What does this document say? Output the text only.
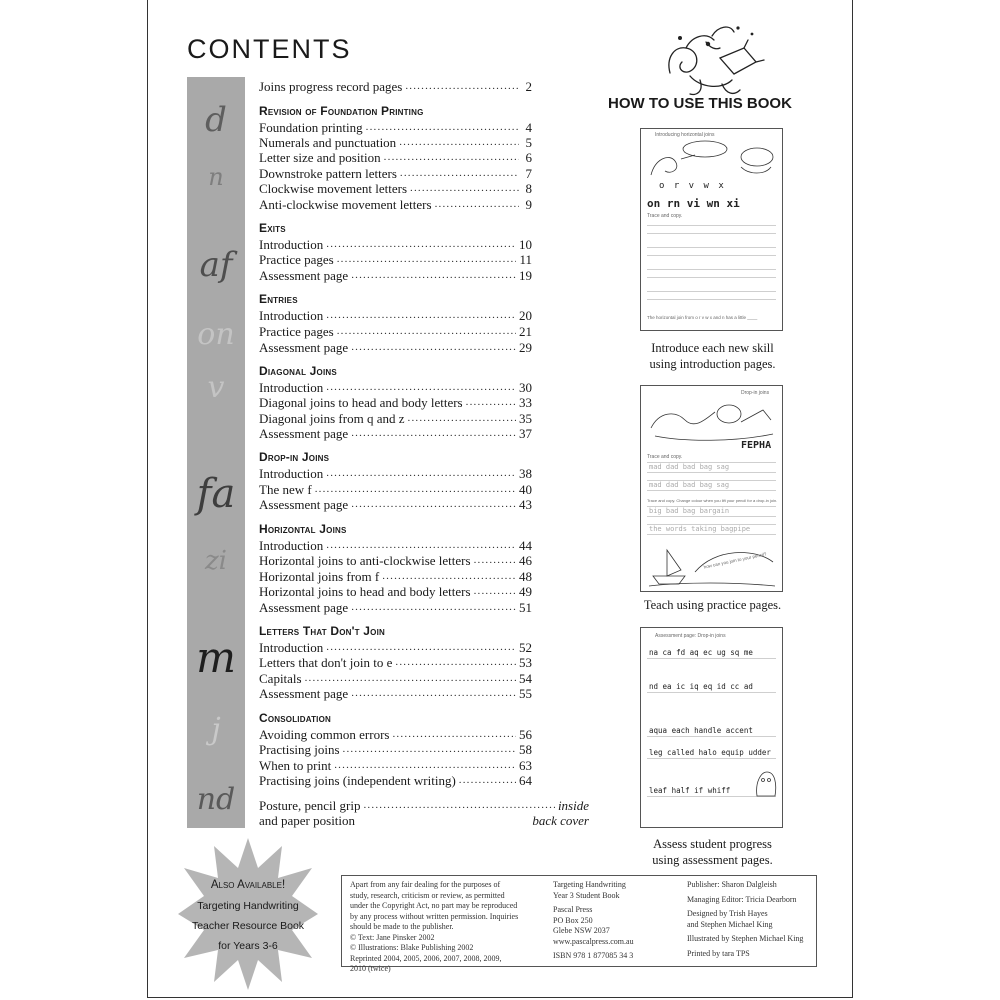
CONTENTS
d
n
af
on
v
fa
zi
m
j
nd
Joins progress record pages .....	2
Revision of Foundation Printing
Foundation printing .....	4
Numerals and punctuation .....	5
Letter size and position .....	6
Downstroke pattern letters .....	7
Clockwise movement letters .....	8
Anti-clockwise movement letters .....	9
Exits
Introduction .....	10
Practice pages .....	11
Assessment page .....	19
Entries
Introduction .....	20
Practice pages .....	21
Assessment page .....	29
Diagonal Joins
Introduction .....	30
Diagonal joins to head and body letters .....	33
Diagonal joins from q and z .....	35
Assessment page .....	37
Drop-in Joins
Introduction .....	38
The new f .....	40
Assessment page .....	43
Horizontal Joins
Introduction .....	44
Horizontal joins to anti-clockwise letters .....	46
Horizontal joins from f .....	48
Horizontal joins to head and body letters .....	49
Assessment page .....	51
Letters That Don't Join
Introduction .....	52
Letters that don't join to e .....	53
Capitals .....	54
Assessment page .....	55
Consolidation
Avoiding common errors .....	56
Practising joins .....	58
When to print .....	63
Practising joins (independent writing) .....	64
Posture, pencil grip .....	inside
and paper position	back cover
HOW TO USE THIS BOOK
Introducing horizontal joins
o r v w x
on rn vi wn xi
Trace and copy.
The horizontal join from o r v w x and n has a little ____
Introduce each new skill
using introduction pages.
Drop-in joins
FEPHA
Trace and copy.
mad dad bad bag sag
mad dad bad bag sag
Trace and copy. Change colour when you lift your pencil for a drop-in join.
big bad bag bargain
the words taking bagpipe
how can you join to your pencil?
Teach using practice pages.
Assessment page: Drop-in joins
na ca fd aq ec ug sq me
nd ea ic iq eq id cc ad
aqua each handle accent
leg called halo equip udder
leaf half if whiff
Assess student progress
using assessment pages.
Also Available!
Targeting Handwriting
Teacher Resource Book
for Years 3-6
Apart from any fair dealing for the purposes of
study, research, criticism or review, as permitted
under the Copyright Act, no part may be reproduced
by any process without written permission. Inquiries
should be made to the publisher.
© Text: Jane Pinsker 2002
© Illustrations: Blake Publishing 2002
Reprinted 2004, 2005, 2006, 2007, 2008, 2009,
2010 (twice)
Targeting Handwriting
Year 3 Student Book
Pascal Press
PO Box 250
Glebe NSW 2037
www.pascalpress.com.au
ISBN 978 1 877085 34 3
Publisher: Sharon Dalgleish
Managing Editor: Tricia Dearborn
Designed by Trish Hayes
and Stephen Michael King
Illustrated by Stephen Michael King
Printed by tara TPS
